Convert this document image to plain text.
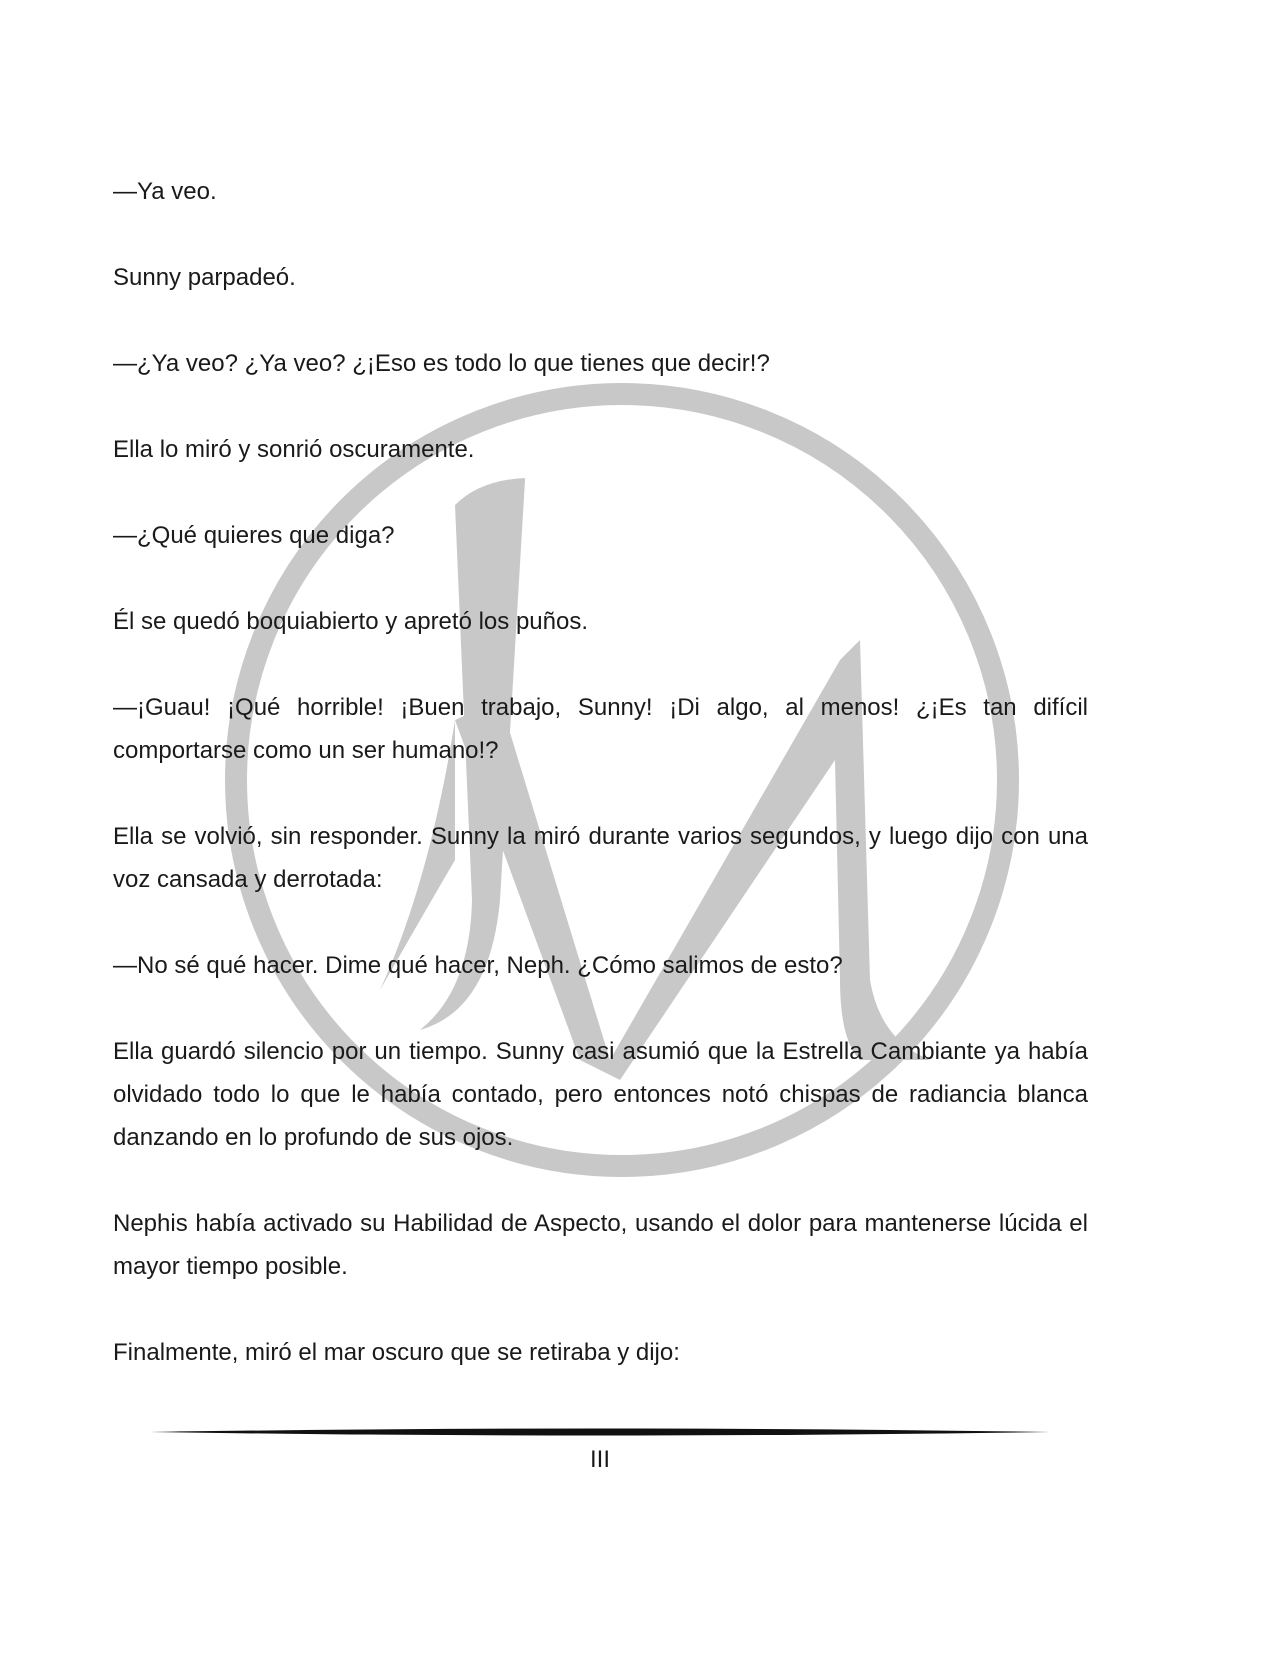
—Ya veo.

Sunny parpadeó.

—¿Ya veo? ¿Ya veo? ¿¡Eso es todo lo que tienes que decir!?

Ella lo miró y sonrió oscuramente.

—¿Qué quieres que diga?

Él se quedó boquiabierto y apretó los puños.

—¡Guau! ¡Qué horrible! ¡Buen trabajo, Sunny! ¡Di algo, al menos! ¿¡Es tan difícil comportarse como un ser humano!?

Ella se volvió, sin responder. Sunny la miró durante varios segundos, y luego dijo con una voz cansada y derrotada:

—No sé qué hacer. Dime qué hacer, Neph. ¿Cómo salimos de esto?

Ella guardó silencio por un tiempo. Sunny casi asumió que la Estrella Cambiante ya había olvidado todo lo que le había contado, pero entonces notó chispas de radiancia blanca danzando en lo profundo de sus ojos.

Nephis había activado su Habilidad de Aspecto, usando el dolor para mantenerse lúcida el mayor tiempo posible.

Finalmente, miró el mar oscuro que se retiraba y dijo:

III
